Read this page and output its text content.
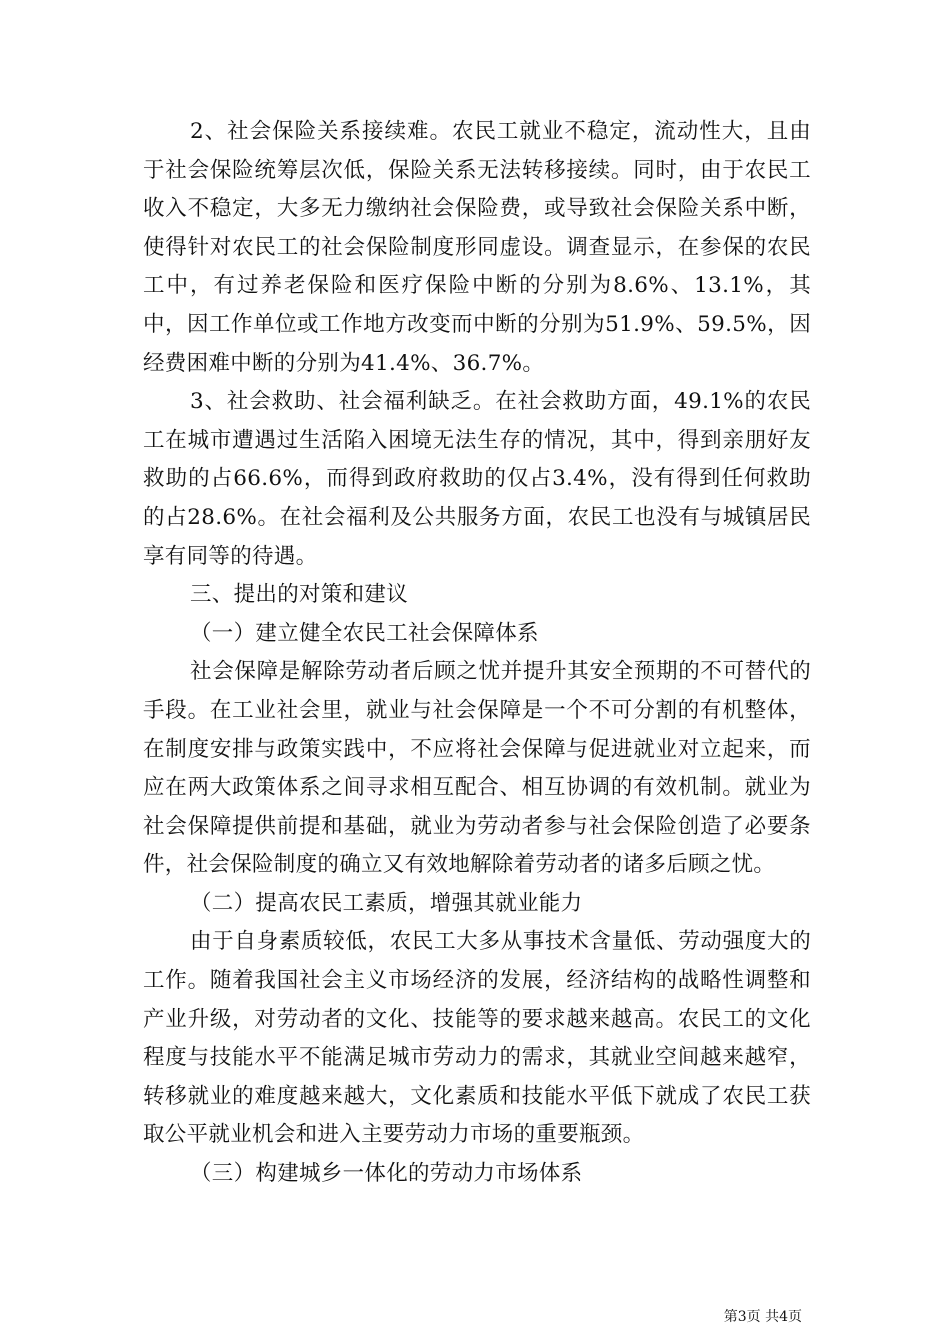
2、社会保险关系接续难。农民工就业不稳定，流动性大，且由于社会保险统筹层次低，保险关系无法转移接续。同时，由于农民工收入不稳定，大多无力缴纳社会保险费，或导致社会保险关系中断，使得针对农民工的社会保险制度形同虚设。调查显示，在参保的农民工中，有过养老保险和医疗保险中断的分别为8.6%、13.1%，其中，因工作单位或工作地方改变而中断的分别为51.9%、59.5%，因经费困难中断的分别为41.4%、36.7%。

3、社会救助、社会福利缺乏。在社会救助方面，49.1%的农民工在城市遭遇过生活陷入困境无法生存的情况，其中，得到亲朋好友救助的占66.6%，而得到政府救助的仅占3.4%，没有得到任何救助的占28.6%。在社会福利及公共服务方面，农民工也没有与城镇居民享有同等的待遇。

三、提出的对策和建议

（一）建立健全农民工社会保障体系

社会保障是解除劳动者后顾之忧并提升其安全预期的不可替代的手段。在工业社会里，就业与社会保障是一个不可分割的有机整体，在制度安排与政策实践中，不应将社会保障与促进就业对立起来，而应在两大政策体系之间寻求相互配合、相互协调的有效机制。就业为社会保障提供前提和基础，就业为劳动者参与社会保险创造了必要条件，社会保险制度的确立又有效地解除着劳动者的诸多后顾之忧。

（二）提高农民工素质，增强其就业能力

由于自身素质较低，农民工大多从事技术含量低、劳动强度大的工作。随着我国社会主义市场经济的发展，经济结构的战略性调整和产业升级，对劳动者的文化、技能等的要求越来越高。农民工的文化程度与技能水平不能满足城市劳动力的需求，其就业空间越来越窄，转移就业的难度越来越大，文化素质和技能水平低下就成了农民工获取公平就业机会和进入主要劳动力市场的重要瓶颈。

（三）构建城乡一体化的劳动力市场体系

第3页 共4页
